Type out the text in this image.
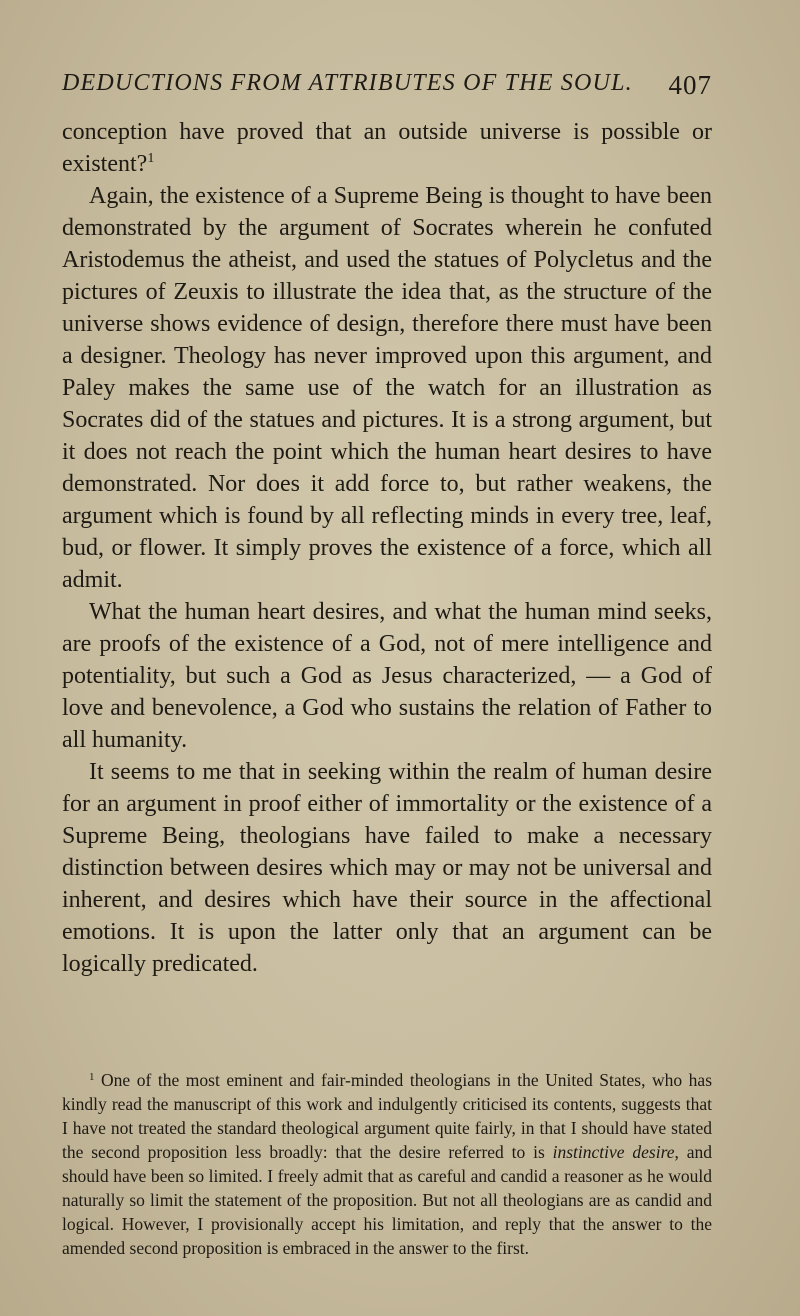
DEDUCTIONS FROM ATTRIBUTES OF THE SOUL. 407

conception have proved that an outside universe is possible or existent?$^1$

Again, the existence of a Supreme Being is thought to have been demonstrated by the argument of Socrates wherein he confuted Aristodemus the atheist, and used the statues of Polycletus and the pictures of Zeuxis to illustrate the idea that, as the structure of the universe shows evidence of design, therefore there must have been a designer. Theology has never improved upon this argument, and Paley makes the same use of the watch for an illustration as Socrates did of the statues and pictures. It is a strong argument, but it does not reach the point which the human heart desires to have demonstrated. Nor does it add force to, but rather weakens, the argument which is found by all reflecting minds in every tree, leaf, bud, or flower. It simply proves the existence of a force, which all admit.

What the human heart desires, and what the human mind seeks, are proofs of the existence of a God, not of mere intelligence and potentiality, but such a God as Jesus characterized, — a God of love and benevolence, a God who sustains the relation of Father to all humanity.

It seems to me that in seeking within the realm of human desire for an argument in proof either of immortality or the existence of a Supreme Being, theologians have failed to make a necessary distinction between desires which may or may not be universal and inherent, and desires which have their source in the affectional emotions. It is upon the latter only that an argument can be logically predicated.

$^1$ One of the most eminent and fair-minded theologians in the United States, who has kindly read the manuscript of this work and indulgently criticised its contents, suggests that I have not treated the standard theological argument quite fairly, in that I should have stated the second proposition less broadly: that the desire referred to is instinctive desire, and should have been so limited. I freely admit that as careful and candid a reasoner as he would naturally so limit the statement of the proposition. But not all theologians are as candid and logical. However, I provisionally accept his limitation, and reply that the answer to the amended second proposition is embraced in the answer to the first.
